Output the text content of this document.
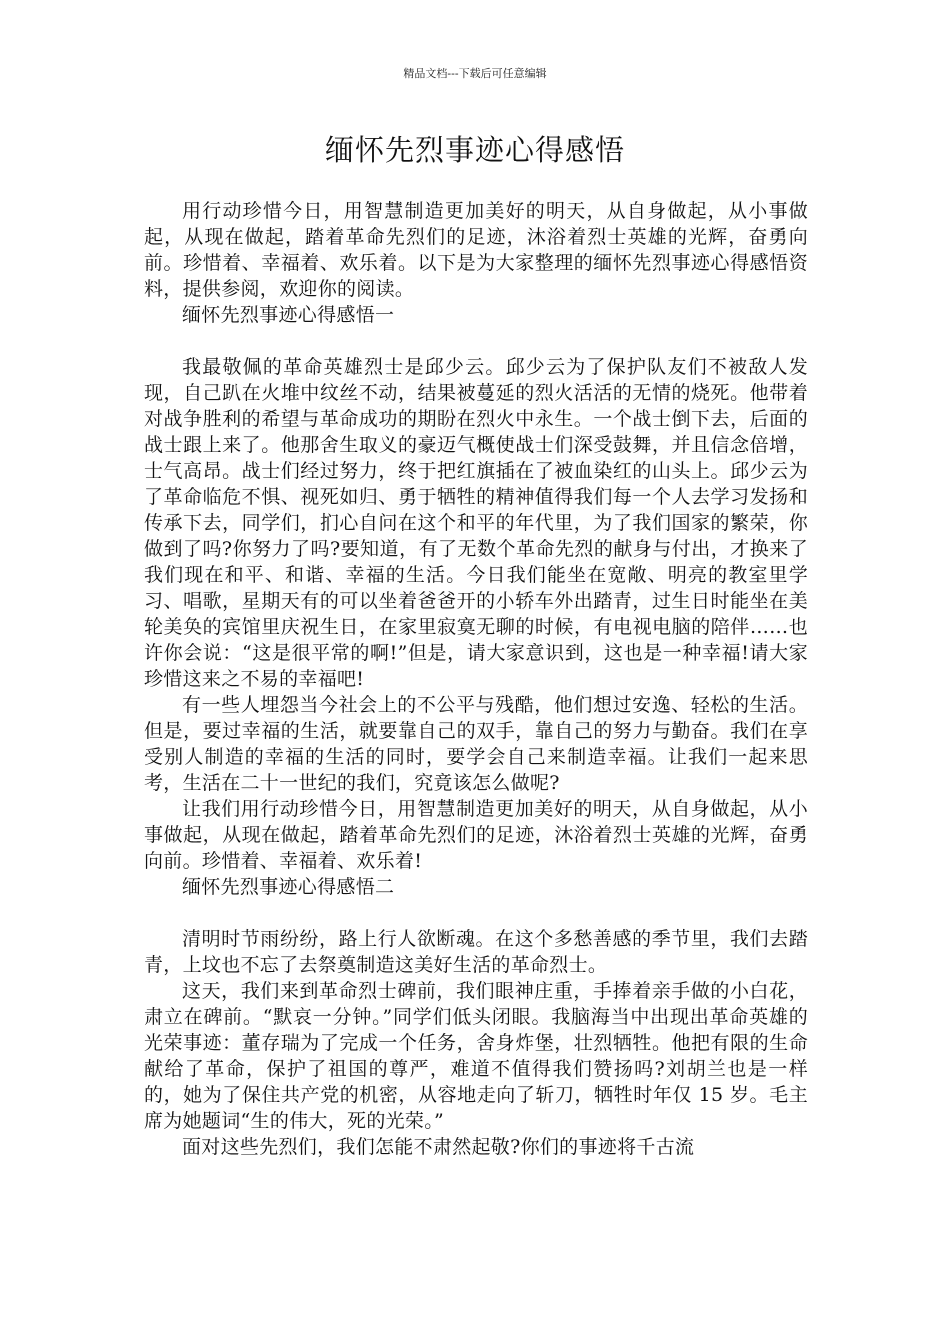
精品文档---下载后可任意编辑
缅怀先烈事迹心得感悟

用行动珍惜今日，用智慧制造更加美好的明天，从自身做起，从小事做起，从现在做起，踏着革命先烈们的足迹，沐浴着烈士英雄的光辉，奋勇向前。珍惜着、幸福着、欢乐着。以下是为大家整理的缅怀先烈事迹心得感悟资料，提供参阅，欢迎你的阅读。

缅怀先烈事迹心得感悟一

我最敬佩的革命英雄烈士是邱少云。邱少云为了保护队友们不被敌人发现，自己趴在火堆中纹丝不动，结果被蔓延的烈火活活的无情的烧死。他带着对战争胜利的希望与革命成功的期盼在烈火中永生。一个战士倒下去，后面的战士跟上来了。他那舍生取义的豪迈气概使战士们深受鼓舞，并且信念倍增，士气高昂。战士们经过努力，终于把红旗插在了被血染红的山头上。邱少云为了革命临危不惧、视死如归、勇于牺牲的精神值得我们每一个人去学习发扬和传承下去，同学们，扪心自问在这个和平的年代里，为了我们国家的繁荣，你做到了吗?你努力了吗?要知道，有了无数个革命先烈的献身与付出，才换来了我们现在和平、和谐、幸福的生活。今日我们能坐在宽敞、明亮的教室里学习、唱歌，星期天有的可以坐着爸爸开的小轿车外出踏青，过生日时能坐在美轮美奂的宾馆里庆祝生日，在家里寂寞无聊的时候，有电视电脑的陪伴……也许你会说：“这是很平常的啊!”但是，请大家意识到，这也是一种幸福!请大家珍惜这来之不易的幸福吧!

有一些人埋怨当今社会上的不公平与残酷，他们想过安逸、轻松的生活。但是，要过幸福的生活，就要靠自己的双手，靠自己的努力与勤奋。我们在享受别人制造的幸福的生活的同时，要学会自己来制造幸福。让我们一起来思考，生活在二十一世纪的我们，究竟该怎么做呢?

让我们用行动珍惜今日，用智慧制造更加美好的明天，从自身做起，从小事做起，从现在做起，踏着革命先烈们的足迹，沐浴着烈士英雄的光辉，奋勇向前。珍惜着、幸福着、欢乐着!

缅怀先烈事迹心得感悟二

清明时节雨纷纷，路上行人欲断魂。在这个多愁善感的季节里，我们去踏青，上坟也不忘了去祭奠制造这美好生活的革命烈士。

这天，我们来到革命烈士碑前，我们眼神庄重，手捧着亲手做的小白花，肃立在碑前。“默哀一分钟。”同学们低头闭眼。我脑海当中出现出革命英雄的光荣事迹：董存瑞为了完成一个任务，舍身炸堡，壮烈牺牲。他把有限的生命献给了革命，保护了祖国的尊严，难道不值得我们赞扬吗?刘胡兰也是一样的，她为了保住共产党的机密，从容地走向了斩刀，牺牲时年仅 15 岁。毛主席为她题词“生的伟大，死的光荣。”

面对这些先烈们，我们怎能不肃然起敬?你们的事迹将千古流
